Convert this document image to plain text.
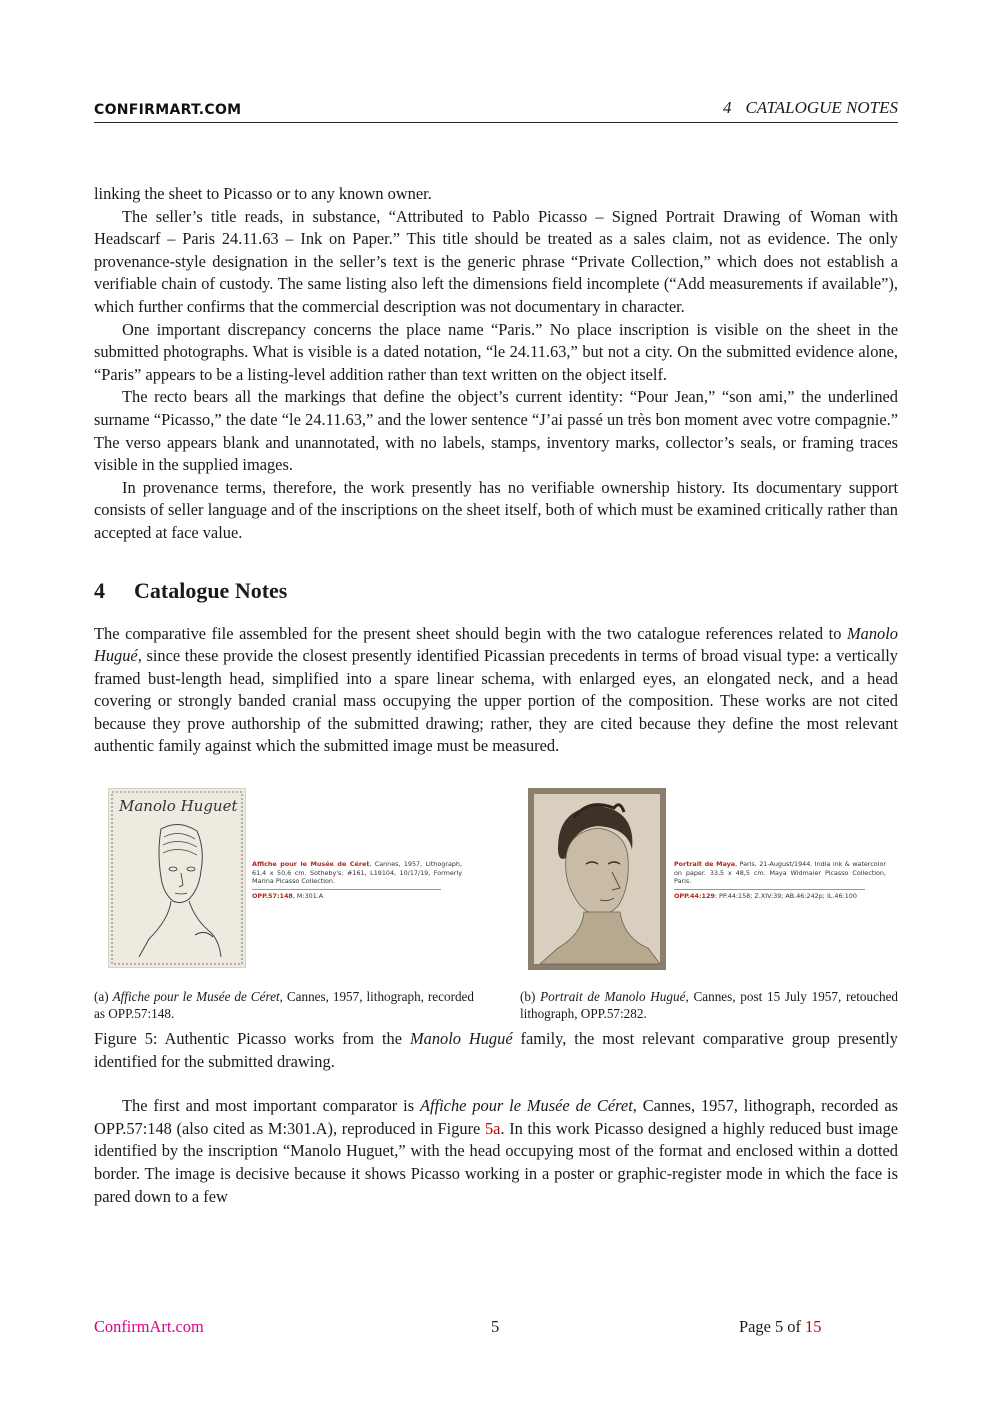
CONFIRMART.COM	4 CATALOGUE NOTES

linking the sheet to Picasso or to any known owner.

The seller’s title reads, in substance, “Attributed to Pablo Picasso – Signed Portrait Drawing of Woman with Headscarf – Paris 24.11.63 – Ink on Paper.” This title should be treated as a sales claim, not as evidence. The only provenance-style designation in the seller’s text is the generic phrase “Private Collection,” which does not establish a verifiable chain of custody. The same listing also left the dimensions field incomplete (“Add measurements if available”), which further confirms that the commercial description was not documentary in character.

One important discrepancy concerns the place name “Paris.” No place inscription is visible on the sheet in the submitted photographs. What is visible is a dated notation, “le 24.11.63,” but not a city. On the submitted evidence alone, “Paris” appears to be a listing-level addition rather than text written on the object itself.

The recto bears all the markings that define the object’s current identity: “Pour Jean,” “son ami,” the underlined surname “Picasso,” the date “le 24.11.63,” and the lower sentence “J’ai passé un très bon moment avec votre compagnie.” The verso appears blank and unannotated, with no labels, stamps, inventory marks, collector’s seals, or framing traces visible in the supplied images.

In provenance terms, therefore, the work presently has no verifiable ownership history. Its documentary support consists of seller language and of the inscriptions on the sheet itself, both of which must be examined critically rather than accepted at face value.

4 Catalogue Notes

The comparative file assembled for the present sheet should begin with the two catalogue references related to Manolo Hugué, since these provide the closest presently identified Picassian precedents in terms of broad visual type: a vertically framed bust-length head, simplified into a spare linear schema, with enlarged eyes, an elongated neck, and a head covering or strongly banded cranial mass occupying the upper portion of the composition. These works are not cited because they prove authorship of the submitted drawing; rather, they are cited because they define the most relevant authentic family against which the submitted image must be measured.

Manolo Huguet
Affiche pour le Musée de Céret, Cannes, 1957, Lithograph, 61,4 x 50,6 cm. Sotheby's: #161, L19104, 10/17/19, Formerly Marina Picasso Collection.
OPP.57:148, M:301.A
(a) Affiche pour le Musée de Céret, Cannes, 1957, lithograph, recorded as OPP.57:148.
Portrait de Maya, Paris, 21-August/1944. India ink & watercolor on paper. 33,5 x 48,5 cm. Maya Widmaier Picasso Collection, Paris.
OPP.44:129: PP.44:158; Z.XIV:39; AB.46:242p; IL.46:100
(b) Portrait de Manolo Hugué, Cannes, post 15 July 1957, retouched lithograph, OPP.57:282.

Figure 5: Authentic Picasso works from the Manolo Hugué family, the most relevant comparative group presently identified for the submitted drawing.

The first and most important comparator is Affiche pour le Musée de Céret, Cannes, 1957, lithograph, recorded as OPP.57:148 (also cited as M:301.A), reproduced in Figure 5a. In this work Picasso designed a highly reduced bust image identified by the inscription “Manolo Huguet,” with the head occupying most of the format and enclosed within a dotted border. The image is decisive because it shows Picasso working in a poster or graphic-register mode in which the face is pared down to a few

ConfirmArt.com	5	Page 5 of 15
